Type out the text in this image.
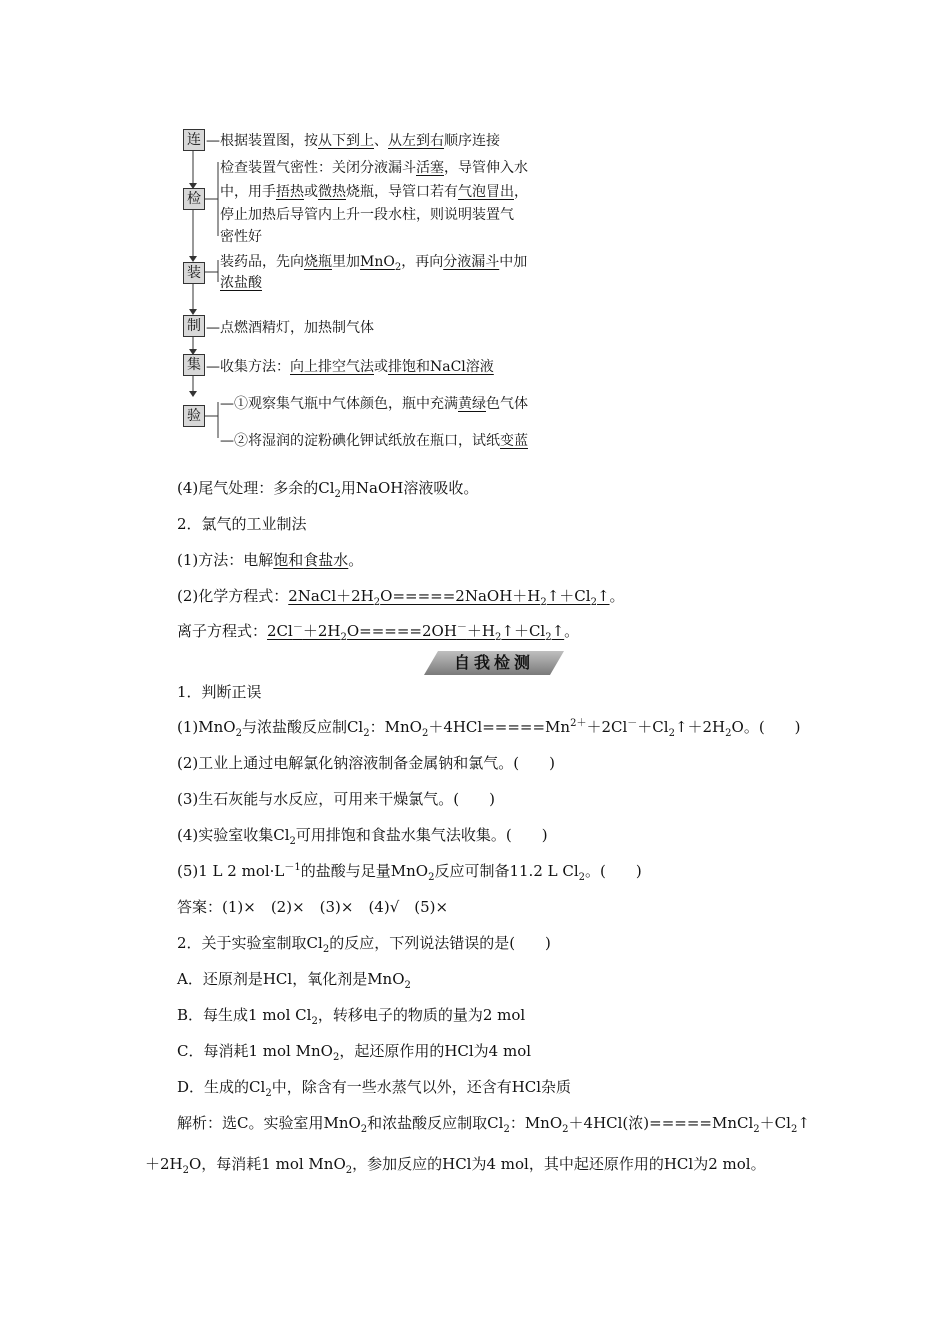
连 —根据装置图，按从下到上、从左到右顺序连接
检
检查装置气密性：关闭分液漏斗活塞，导管伸入水
中，用手捂热或微热烧瓶，导管口若有气泡冒出，
停止加热后导管内上升一段水柱，则说明装置气
密性好
装
装药品，先向烧瓶里加MnO$_2$，再向分液漏斗中加
浓盐酸
制 —点燃酒精灯，加热制气体
集 —收集方法：向上排空气法或排饱和NaCl溶液
验
—①观察集气瓶中气体颜色，瓶中充满黄绿色气体
—②将湿润的淀粉碘化钾试纸放在瓶口，试纸变蓝
(4)尾气处理：多余的$Cl_2$用NaOH溶液吸收。
2．氯气的工业制法
(1)方法：电解饱和食盐水。
(2)化学方程式：$2NaCl+2H_2O=====2NaOH+H_2↑+Cl_2↑$。
离子方程式：$2Cl^-+2H_2O=====2OH^-+H_2↑+Cl_2↑$。
自我检测
1．判断正误
(1)MnO$_2$与浓盐酸反应制$Cl_2$：$MnO_2+4HCl=====Mn^{2+}+2Cl^-+Cl_2↑+2H_2O$。(　　)
(2)工业上通过电解氯化钠溶液制备金属钠和氯气。(　　)
(3)生石灰能与水反应，可用来干燥氯气。(　　)
(4)实验室收集$Cl_2$可用排饱和食盐水集气法收集。(　　)
(5)1 L 2 $mol\cdot L^{-1}$的盐酸与足量MnO$_2$反应可制备11.2 L $Cl_2$。(　　)
答案：(1)×　(2)×　(3)×　(4)√　(5)×
2．关于实验室制取$Cl_2$的反应，下列说法错误的是(　　)
A．还原剂是HCl，氧化剂是MnO$_2$
B．每生成1 mol $Cl_2$，转移电子的物质的量为2 mol
C．每消耗1 mol MnO$_2$，起还原作用的HCl为4 mol
D．生成的$Cl_2$中，除含有一些水蒸气以外，还含有HCl杂质
解析：选C。实验室用MnO$_2$和浓盐酸反应制取$Cl_2$：MnO$_2$＋4HCl(浓)$=====MnCl_2+Cl_2↑$
$+2H_2O$，每消耗1 mol MnO$_2$，参加反应的HCl为4 mol，其中起还原作用的HCl为2 mol。
